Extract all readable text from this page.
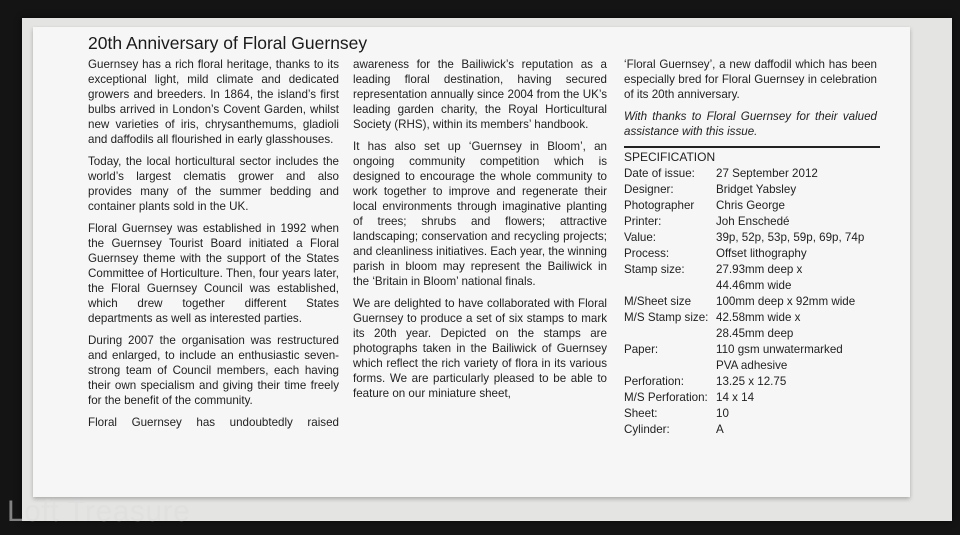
20th Anniversary of Floral Guernsey

Guernsey has a rich floral heritage, thanks to its exceptional light, mild climate and dedicated growers and breeders. In 1864, the island’s first bulbs arrived in London’s Covent Garden, whilst new varieties of iris, chrysanthemums, gladioli and daffodils all flourished in early glasshouses.

Today, the local horticultural sector includes the world’s largest clematis grower and also provides many of the summer bedding and container plants sold in the UK.

Floral Guernsey was established in 1992 when the Guernsey Tourist Board initiated a Floral Guernsey theme with the support of the States Committee of Horticulture. Then, four years later, the Floral Guernsey Council was established, which drew together different States departments as well as interested parties.

During 2007 the organisation was restructured and enlarged, to include an enthusiastic seven-strong team of Council members, each having their own specialism and giving their time freely for the benefit of the community.

Floral Guernsey has undoubtedly raised

awareness for the Bailiwick’s reputation as a leading floral destination, having secured representation annually since 2004 from the UK’s leading garden charity, the Royal Horticultural Society (RHS), within its members’ handbook.

It has also set up ‘Guernsey in Bloom’, an ongoing community competition which is designed to encourage the whole community to work together to improve and regenerate their local environments through imaginative planting of trees; shrubs and flowers; attractive landscaping; conservation and recycling projects; and cleanliness initiatives. Each year, the winning parish in bloom may represent the Bailiwick in the ‘Britain in Bloom’ national finals.

We are delighted to have collaborated with Floral Guernsey to produce a set of six stamps to mark its 20th year. Depicted on the stamps are photographs taken in the Bailiwick of Guernsey which reflect the rich variety of flora in its various forms. We are particularly pleased to be able to feature on our miniature sheet,

‘Floral Guernsey’, a new daffodil which has been especially bred for Floral Guernsey in celebration of its 20th anniversary.

With thanks to Floral Guernsey for their valued assistance with this issue.

SPECIFICATION
Date of issue:	27 September 2012

Designer:	Bridget Yabsley

Photographer	Chris George

Printer:	Joh Enschedé

Value:	39p, 52p, 53p, 59p, 69p, 74p

Process:	Offset lithography

Stamp size:	27.93mm deep x
44.46mm wide

M/Sheet size	100mm deep x 92mm wide

M/S Stamp size:	42.58mm wide x
28.45mm deep

Paper:	110 gsm unwatermarked
PVA adhesive

Perforation:	13.25 x 12.75

M/S Perforation:	14 x 14

Sheet:	10

Cylinder:	A
Loft Treasure
